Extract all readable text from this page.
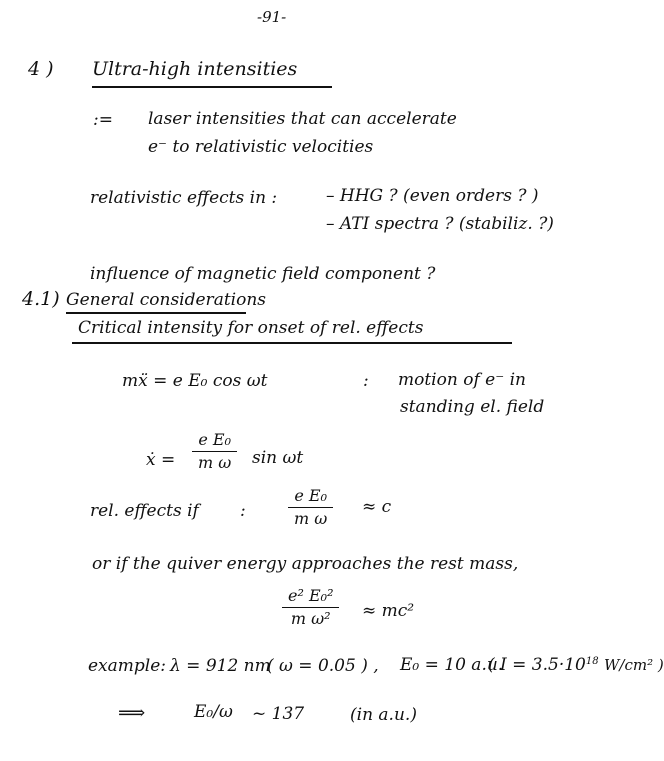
-91-
4 ) Ultra-high intensities
:= laser intensities that can accelerate
e⁻ to relativistic velocities
relativistic effects in :	– HHG ? (even orders ? )
– ATI spectra ? (stabiliz. ?)
influence of magnetic field component ?
4.1) General considerations
Critical intensity for onset of rel. effects
mẍ = e E₀ cos ωt	: motion of e⁻ in
standing el. field
ẋ =
e E₀
m ω	sin ωt
rel. effects if :
e E₀
m ω
≈ c
or if the quiver energy approaches the rest mass,
e² E₀²
m ω²	≈ mc²
example: λ = 912 nm
( ω = 0.05 ) , E₀ = 10 a.u.
( $I = 3.5\cdot 10^{18}$ W/cm² )
⟹	E₀/ω ~ 137	(in a.u.)
